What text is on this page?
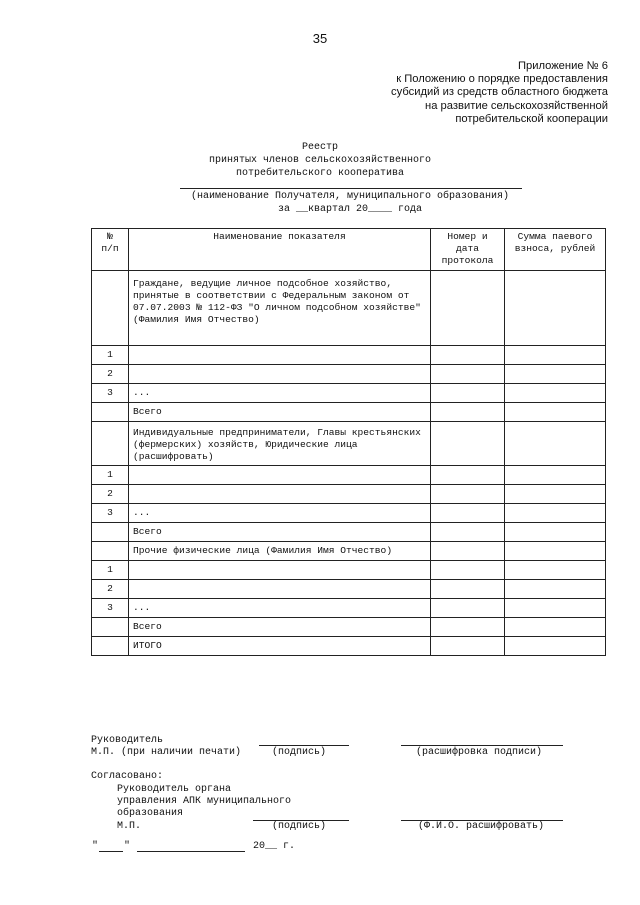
35
Приложение № 6
к Положению о порядке предоставления
субсидий из средств областного бюджета
на развитие сельскохозяйственной
потребительской кооперации
Реестр
принятых членов сельскохозяйственного
потребительского кооператива
(наименование Получателя, муниципального образования)
за __квартал 20____ года
№
п/п	Наименование показателя	Номер и
дата
протокола	Сумма паевого
взноса, рублей
	Граждане, ведущие личное подсобное хозяйство, принятые в соответствии с Федеральным законом от 07.07.2003 № 112-ФЗ "О личном подсобном хозяйстве"
(Фамилия Имя Отчество)		
1			
2			
3	...		
	Всего		
	Индивидуальные предприниматели, Главы крестьянских (фермерских) хозяйств, Юридические лица (расшифровать)		
1			
2			
3	...		
	Всего		
	Прочие физические лица (Фамилия Имя Отчество)		
1			
2			
3	...		
	Всего		
	ИТОГО		
Руководитель
М.П. (при наличии печати)	(подпись)	(расшифровка подписи)
Согласовано:
Руководитель органа
управления АПК муниципального
образования
М.П.	(подпись)	(Ф.И.О. расшифровать)
"	"	20__ г.
